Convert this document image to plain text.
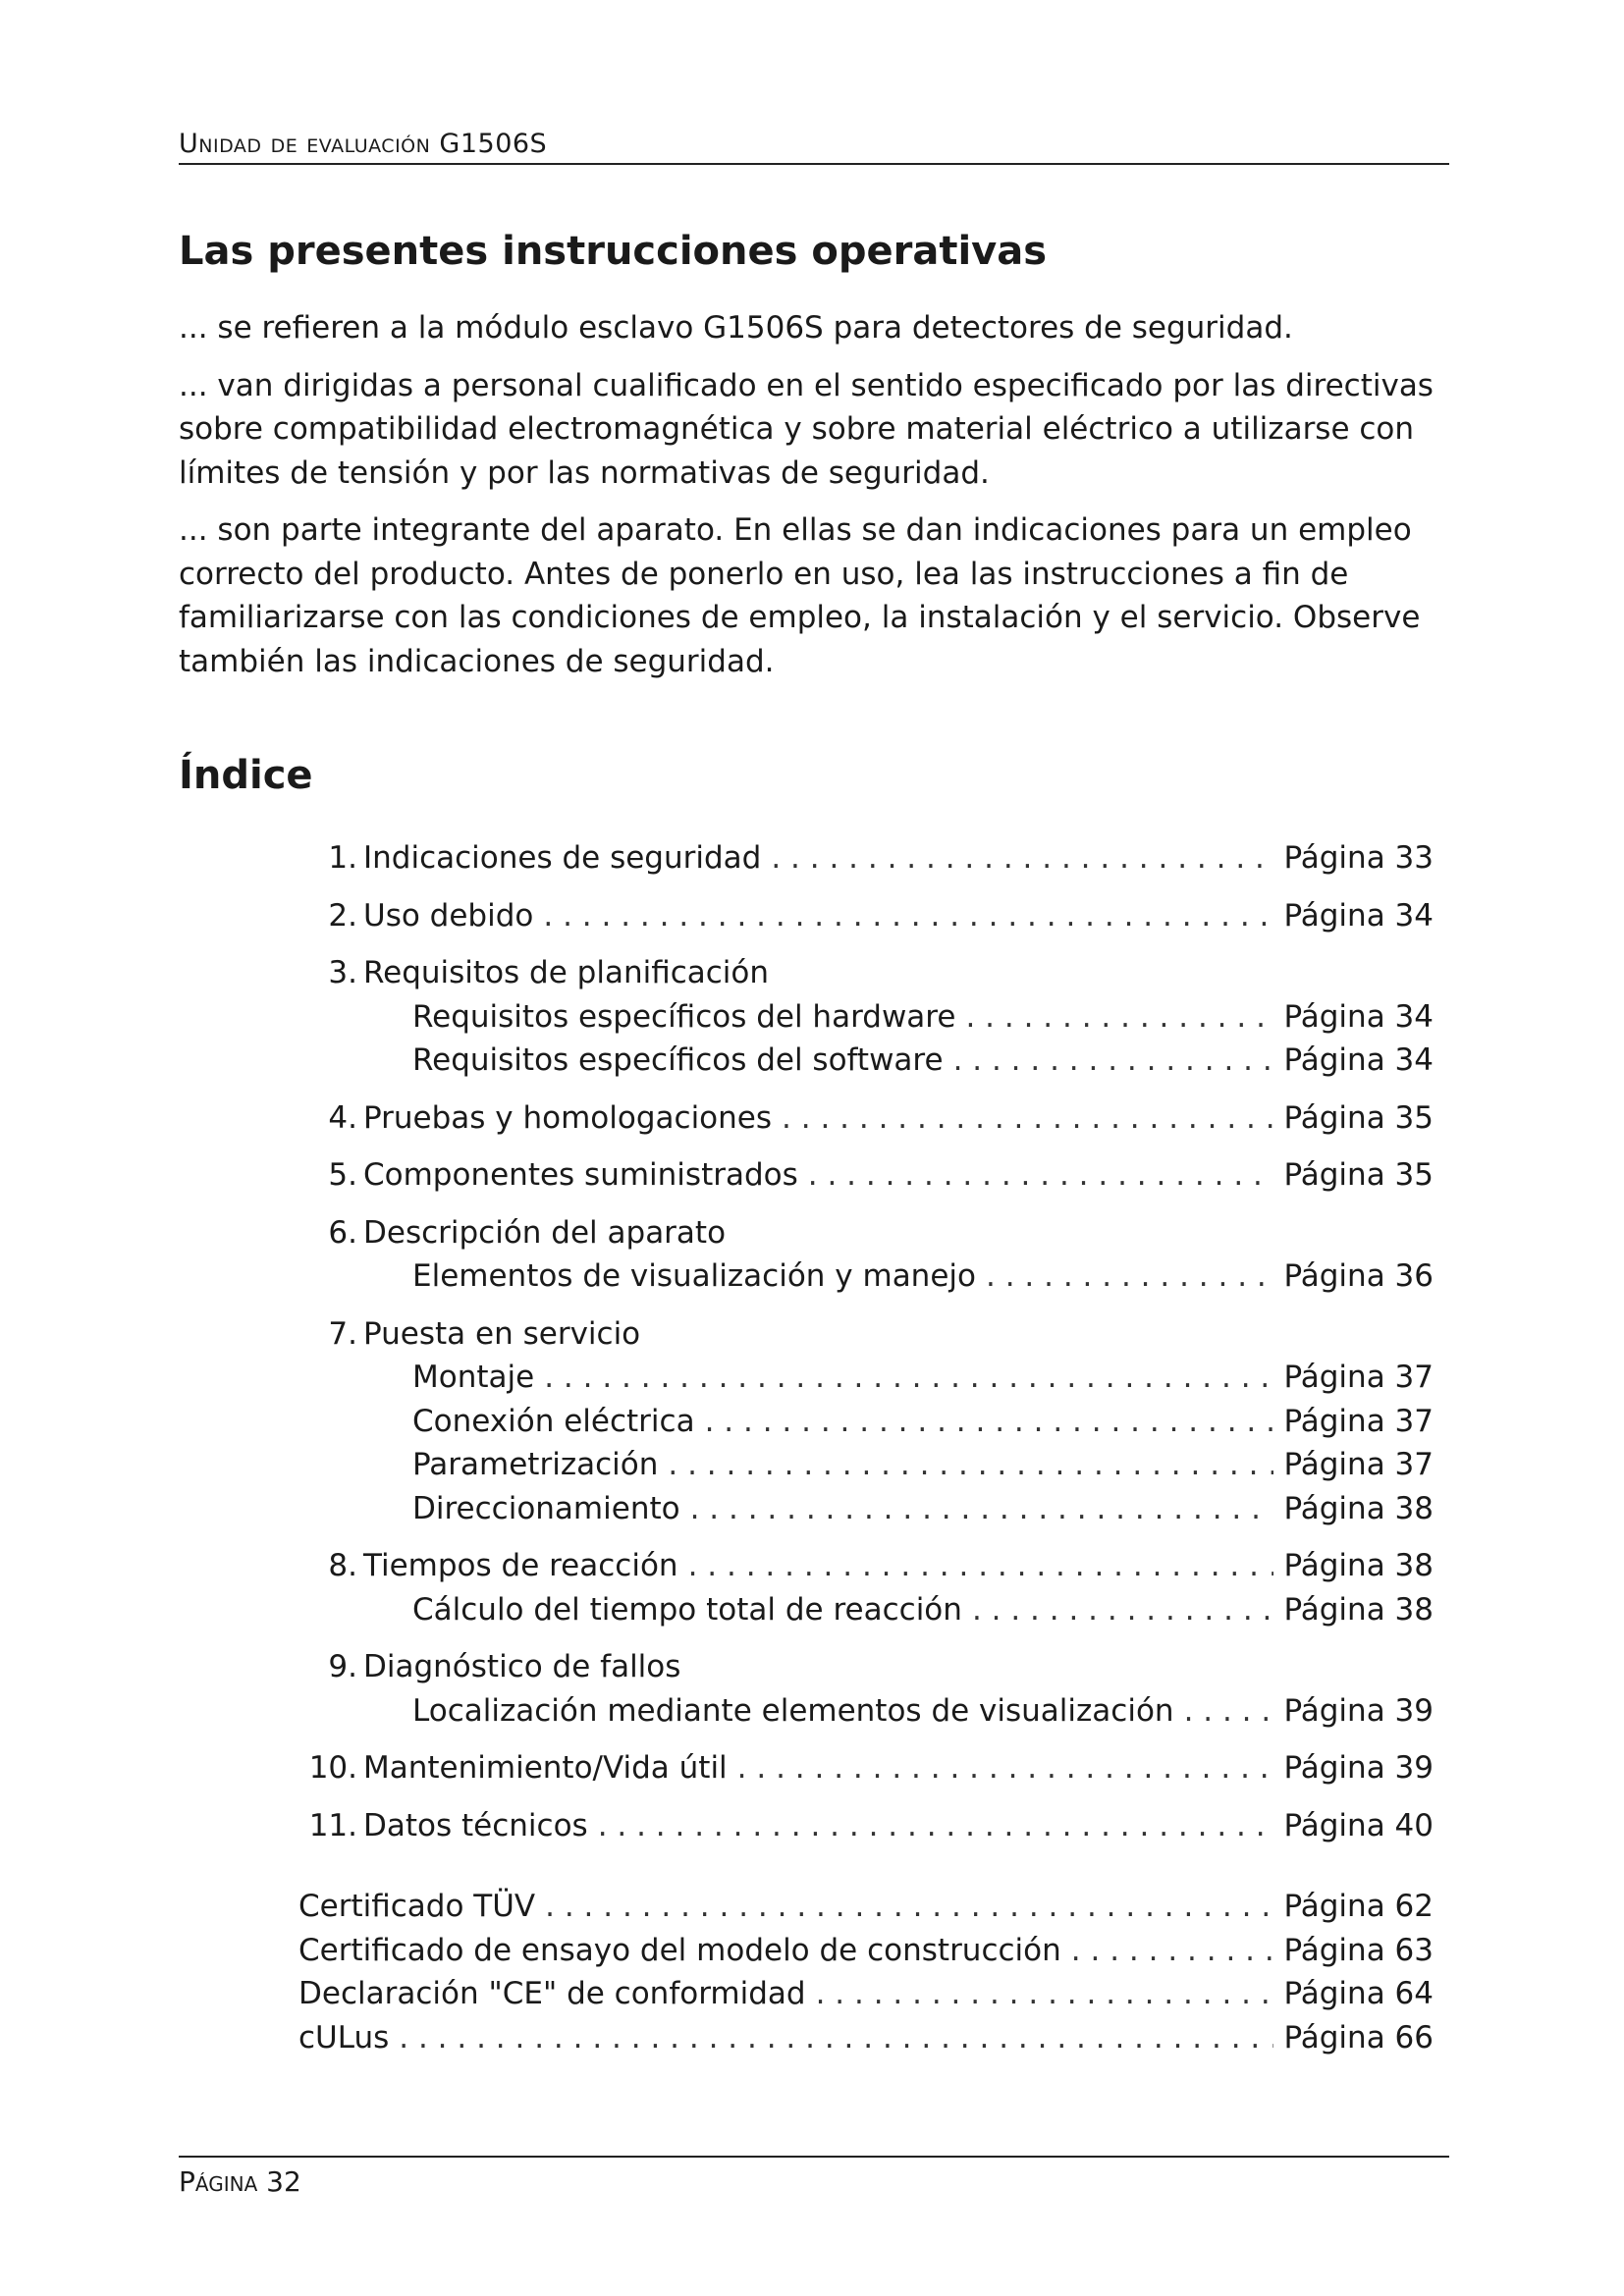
Unidad de evaluación G1506S
Las presentes instrucciones operativas

... se refieren a la módulo esclavo G1506S para detectores de seguridad.

... van dirigidas a personal cualificado en el sentido especificado por las directivas sobre compatibilidad electromagnética y sobre material eléctrico a utilizarse con límites de tensión y por las normativas de seguridad.

... son parte integrante del aparato. En ellas se dan indicaciones para un empleo correcto del producto. Antes de ponerlo en uso, lea las instrucciones a fin de familiarizarse con las condiciones de empleo, la instalación y el servicio. Observe también las indicaciones de seguridad.

Índice
1. Indicaciones de seguridad . . .	Página 33
2. Uso debido . . .	Página 34
3. Requisitos de planificación
Requisitos específicos del hardware . . .	Página 34
Requisitos específicos del software . . .	Página 34
4. Pruebas y homologaciones . . .	Página 35
5. Componentes suministrados . . .	Página 35
6. Descripción del aparato
Elementos de visualización y manejo . . .	Página 36
7. Puesta en servicio
Montaje . . .	Página 37
Conexión eléctrica . . .	Página 37
Parametrización . . .	Página 37
Direccionamiento . . .	Página 38
8. Tiempos de reacción . . .	Página 38
Cálculo del tiempo total de reacción . . .	Página 38
9. Diagnóstico de fallos
Localización mediante elementos de visualización . . .	Página 39
10. Mantenimiento/Vida útil . . .	Página 39
11. Datos técnicos . . .	Página 40
Certificado TÜV . . .	Página 62
Certificado de ensayo del modelo de construcción . . .	Página 63
Declaración "CE" de conformidad . . .	Página 64
cULus . . .	Página 66
Página 32
